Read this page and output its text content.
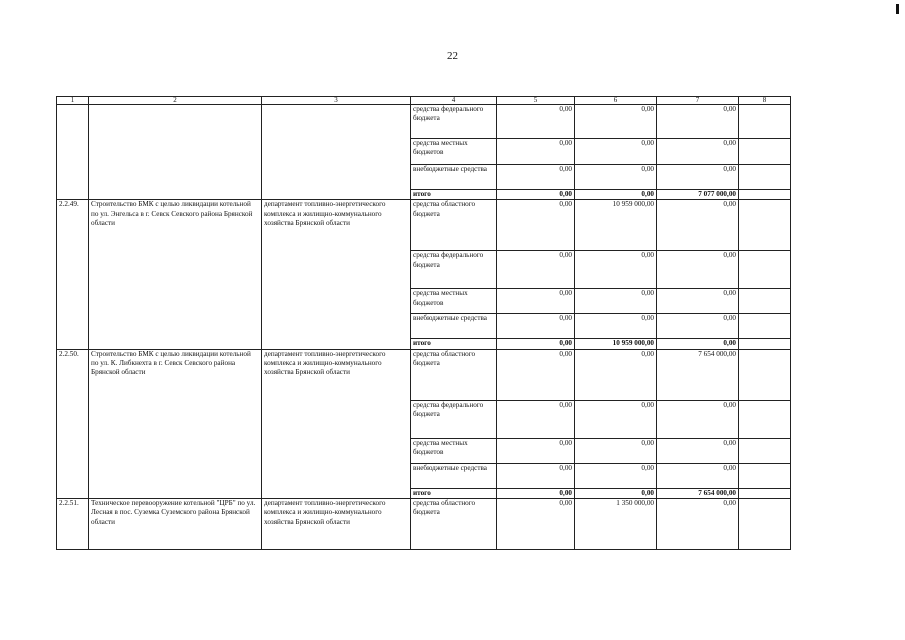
22
1	2	3	4	5	6	7	8
			средства федерального бюджета	0,00	0,00	0,00	
			средства местных бюджетов	0,00	0,00	0,00	
			внебюджетные средства	0,00	0,00	0,00	
			итого	0,00	0,00	7 077 000,00	
2.2.49.	Строительство БМК с целью ликвидации котельной по ул. Энгельса в г. Севск Севского района Брянской области	департамент топливно-энергетического комплекса и жилищно-коммунального хозяйства Брянской области	средства областного бюджета	0,00	10 959 000,00	0,00	
			средства федерального бюджета	0,00	0,00	0,00	
			средства местных бюджетов	0,00	0,00	0,00	
			внебюджетные средства	0,00	0,00	0,00	
			итого	0,00	10 959 000,00	0,00	
2.2.50.	Строительство БМК с целью ликвидации котельной по ул. К. Либкнехта в г. Севск Севского района Брянской области	департамент топливно-энергетического комплекса и жилищно-коммунального хозяйства Брянской области	средства областного бюджета	0,00	0,00	7 654 000,00	
			средства федерального бюджета	0,00	0,00	0,00	
			средства местных бюджетов	0,00	0,00	0,00	
			внебюджетные средства	0,00	0,00	0,00	
			итого	0,00	0,00	7 654 000,00	
2.2.51.	Техническое перевооружение котельной "ЦРБ" по ул. Лесная в пос. Суземка Суземского района Брянской области	департамент топливно-энергетического комплекса и жилищно-коммунального хозяйства Брянской области	средства областного бюджета	0,00	1 350 000,00	0,00	
